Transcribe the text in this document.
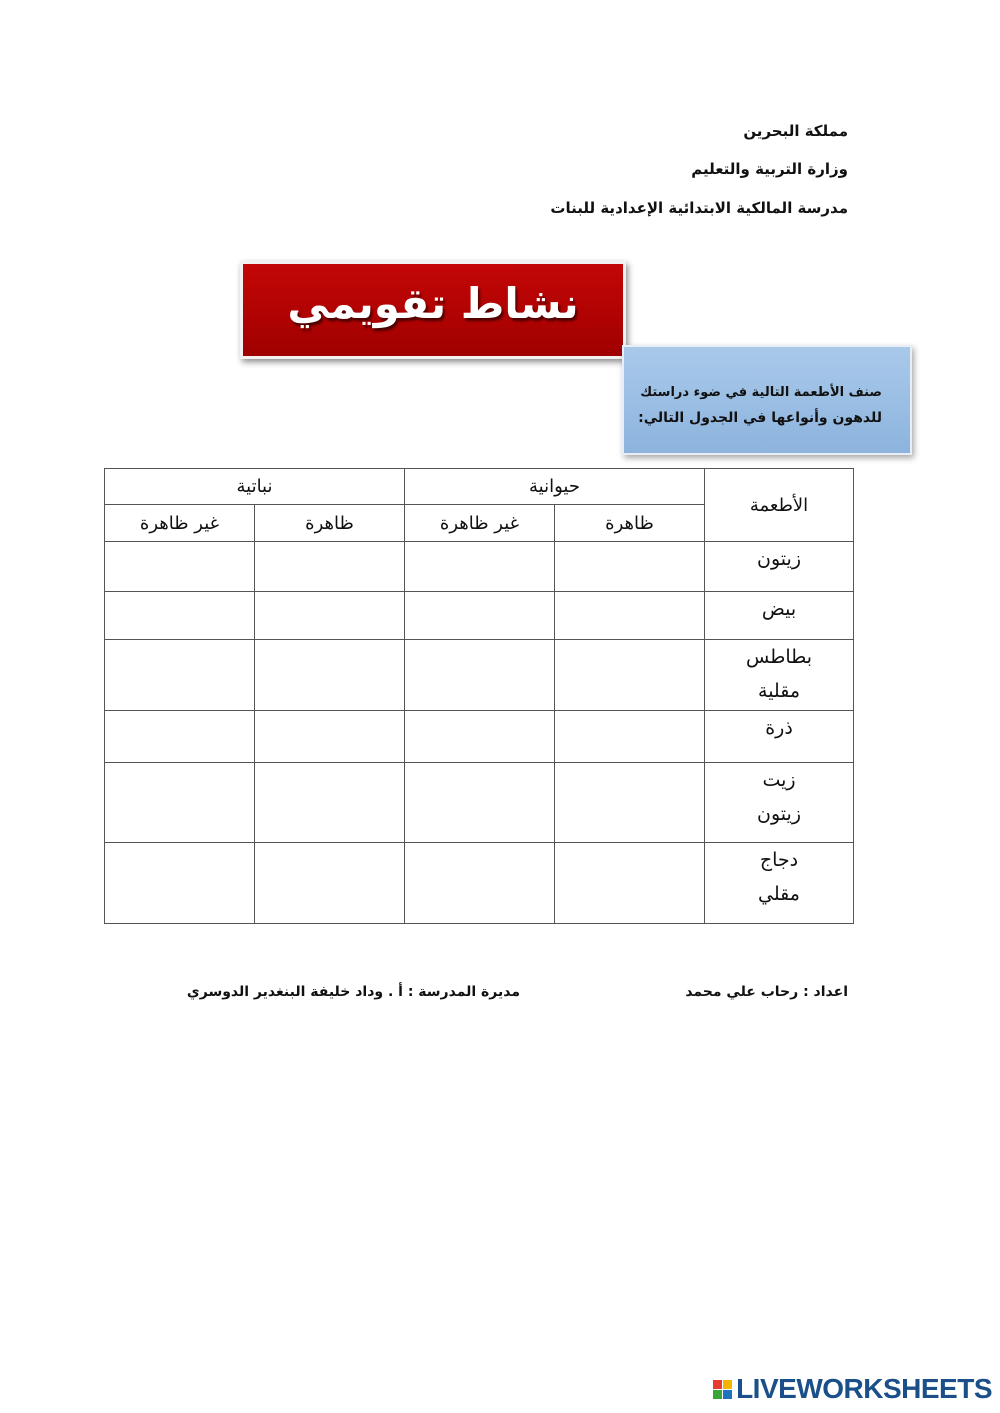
مملكة البحرين
وزارة التربية والتعليم
مدرسة المالكية الابتدائية الإعدادية للبنات
نشاط تقويمي
صنف الأطعمة التالية في ضوء دراستك
للدهون وأنواعها في الجدول التالي:
الأطعمة	حيوانية		نباتية	
	ظاهرة	غير ظاهرة	ظاهرة	غير ظاهرة

زيتون				

بيض				

بطاطس
مقلية				

ذرة				

زيت
زيتون				

دجاج
مقلي				

اعداد : رحاب علي محمد
مديرة المدرسة : أ . وداد خليفة البنغدير الدوسري
LIVEWORKSHEETS
